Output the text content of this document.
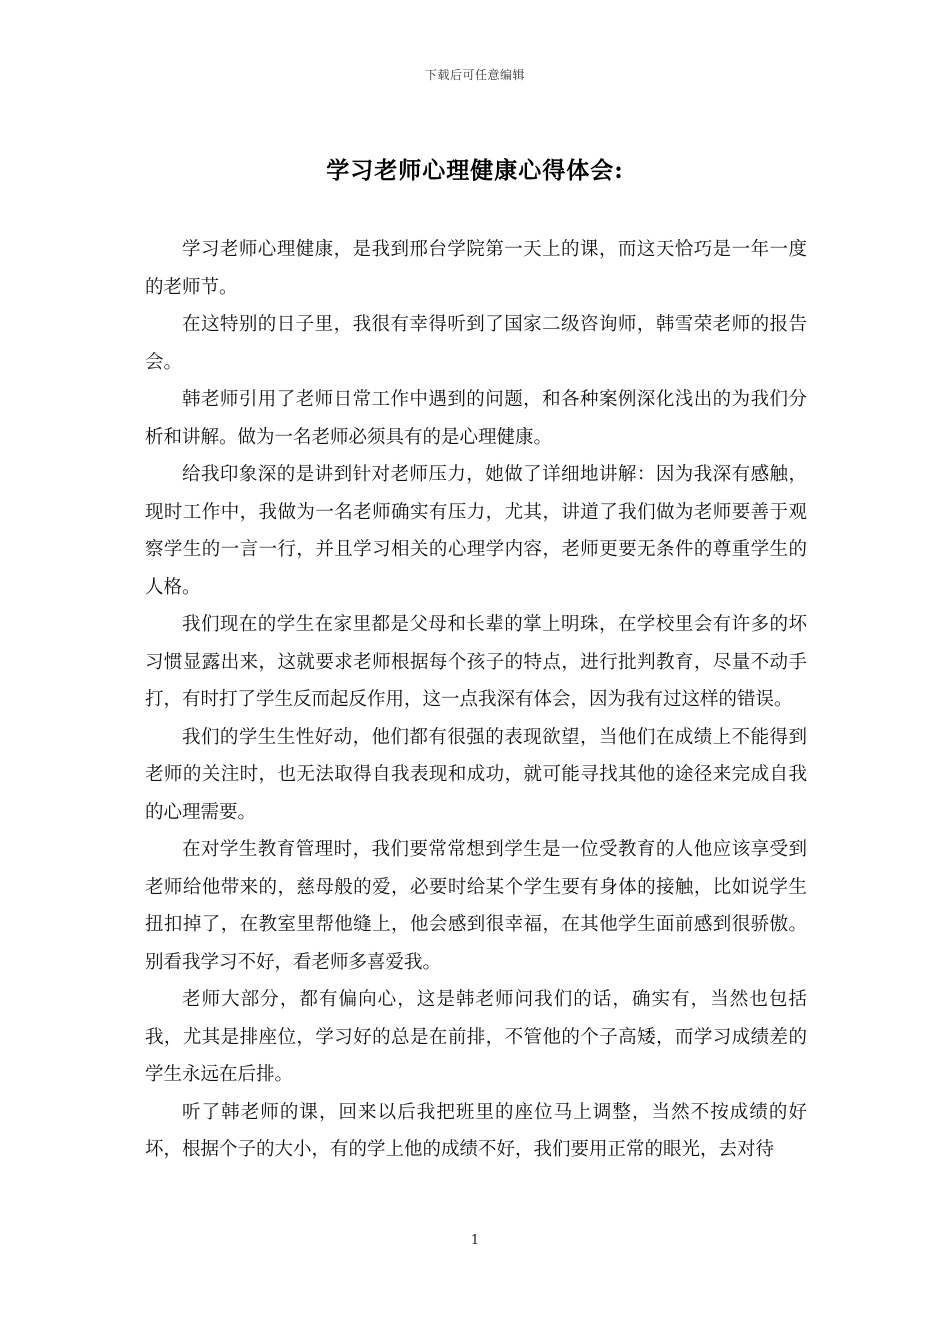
下载后可任意编辑
学习老师心理健康心得体会:

学习老师心理健康，是我到邢台学院第一天上的课，而这天恰巧是一年一度的老师节。

在这特别的日子里，我很有幸得听到了国家二级咨询师，韩雪荣老师的报告会。

韩老师引用了老师日常工作中遇到的问题，和各种案例深化浅出的为我们分析和讲解。做为一名老师必须具有的是心理健康。

给我印象深的是讲到针对老师压力，她做了详细地讲解：因为我深有感触，现时工作中，我做为一名老师确实有压力，尤其，讲道了我们做为老师要善于观察学生的一言一行，并且学习相关的心理学内容，老师更要无条件的尊重学生的人格。

我们现在的学生在家里都是父母和长辈的掌上明珠，在学校里会有许多的坏习惯显露出来，这就要求老师根据每个孩子的特点，进行批判教育，尽量不动手打，有时打了学生反而起反作用，这一点我深有体会，因为我有过这样的错误。

我们的学生生性好动，他们都有很强的表现欲望，当他们在成绩上不能得到老师的关注时，也无法取得自我表现和成功，就可能寻找其他的途径来完成自我的心理需要。

在对学生教育管理时，我们要常常想到学生是一位受教育的人他应该享受到老师给他带来的，慈母般的爱，必要时给某个学生要有身体的接触，比如说学生扭扣掉了，在教室里帮他缝上，他会感到很幸福，在其他学生面前感到很骄傲。别看我学习不好，看老师多喜爱我。

老师大部分，都有偏向心，这是韩老师问我们的话，确实有，当然也包括我，尤其是排座位，学习好的总是在前排，不管他的个子高矮，而学习成绩差的学生永远在后排。

听了韩老师的课，回来以后我把班里的座位马上调整，当然不按成绩的好坏，根据个子的大小，有的学上他的成绩不好，我们要用正常的眼光，去对待

1
